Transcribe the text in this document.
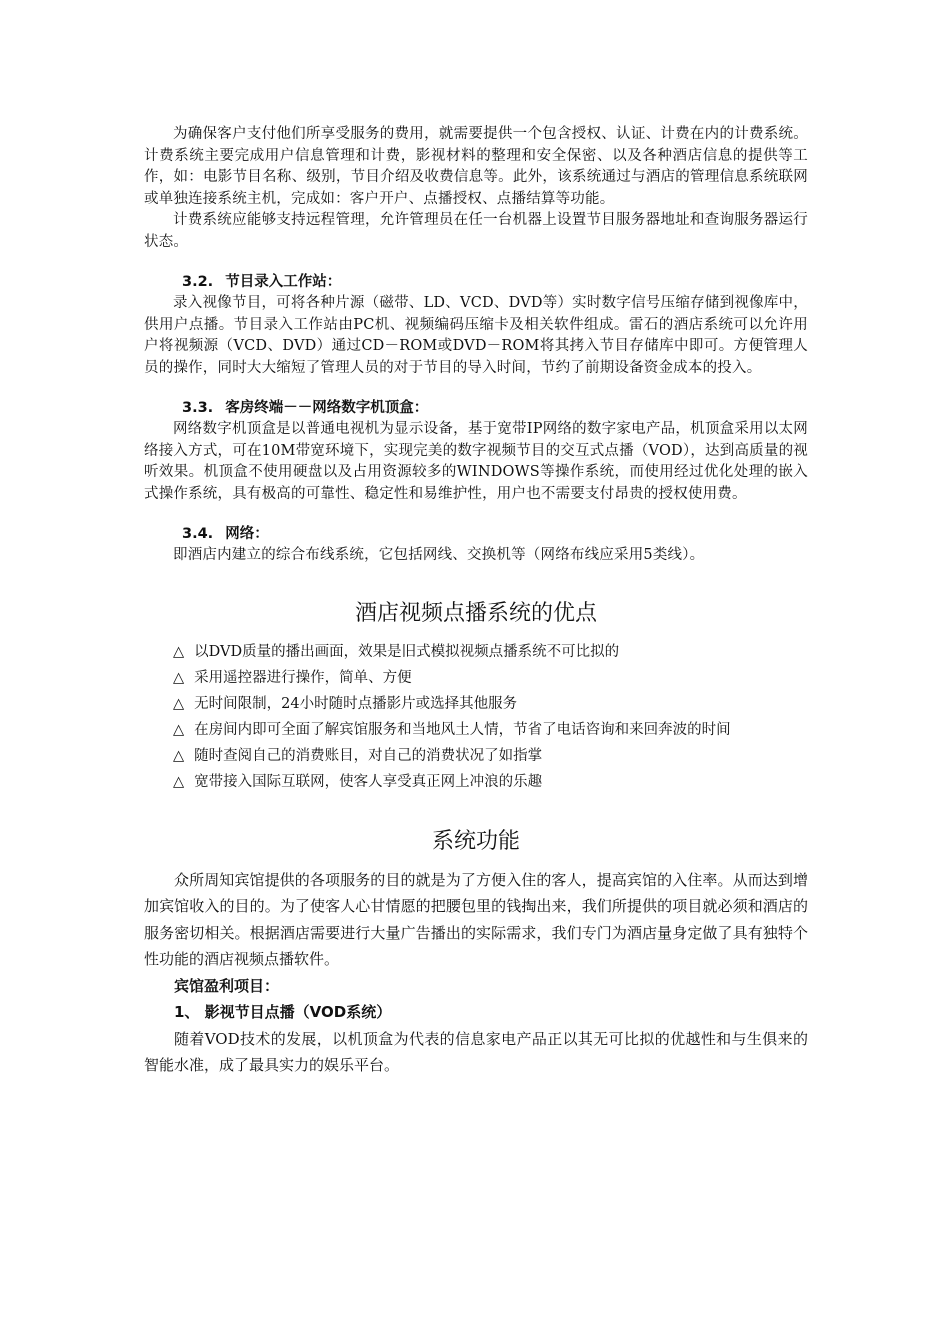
为确保客户支付他们所享受服务的费用，就需要提供一个包含授权、认证、计费在内的计费系统。计费系统主要完成用户信息管理和计费，影视材料的整理和安全保密、以及各种酒店信息的提供等工作，如：电影节目名称、级别，节目介绍及收费信息等。此外，该系统通过与酒店的管理信息系统联网或单独连接系统主机，完成如：客户开户、点播授权、点播结算等功能。

计费系统应能够支持远程管理，允许管理员在任一台机器上设置节目服务器地址和查询服务器运行状态。

3.2. 节目录入工作站：

录入视像节目，可将各种片源（磁带、LD、VCD、DVD等）实时数字信号压缩存储到视像库中，供用户点播。节目录入工作站由PC机、视频编码压缩卡及相关软件组成。雷石的酒店系统可以允许用户将视频源（VCD、DVD）通过CD－ROM或DVD－ROM将其拷入节目存储库中即可。方便管理人员的操作，同时大大缩短了管理人员的对于节目的导入时间，节约了前期设备资金成本的投入。

3.3. 客房终端－－网络数字机顶盒：

网络数字机顶盒是以普通电视机为显示设备，基于宽带IP网络的数字家电产品，机顶盒采用以太网络接入方式，可在10M带宽环境下，实现完美的数字视频节目的交互式点播（VOD），达到高质量的视听效果。机顶盒不使用硬盘以及占用资源较多的WINDOWS等操作系统，而使用经过优化处理的嵌入式操作系统，具有极高的可靠性、稳定性和易维护性，用户也不需要支付昂贵的授权使用费。

3.4. 网络：

即酒店内建立的综合布线系统，它包括网线、交换机等（网络布线应采用5类线）。

酒店视频点播系统的优点

△ 以DVD质量的播出画面，效果是旧式模拟视频点播系统不可比拟的

△ 采用遥控器进行操作，简单、方便

△ 无时间限制，24小时随时点播影片或选择其他服务

△ 在房间内即可全面了解宾馆服务和当地风土人情，节省了电话咨询和来回奔波的时间

△ 随时查阅自己的消费账目，对自己的消费状况了如指掌

△ 宽带接入国际互联网，使客人享受真正网上冲浪的乐趣

系统功能

众所周知宾馆提供的各项服务的目的就是为了方便入住的客人，提高宾馆的入住率。从而达到增加宾馆收入的目的。为了使客人心甘情愿的把腰包里的钱掏出来，我们所提供的项目就必须和酒店的服务密切相关。根据酒店需要进行大量广告播出的实际需求，我们专门为酒店量身定做了具有独特个性功能的酒店视频点播软件。

宾馆盈利项目：

1、 影视节目点播（VOD系统）

随着VOD技术的发展，以机顶盒为代表的信息家电产品正以其无可比拟的优越性和与生俱来的智能水准，成了最具实力的娱乐平台。
